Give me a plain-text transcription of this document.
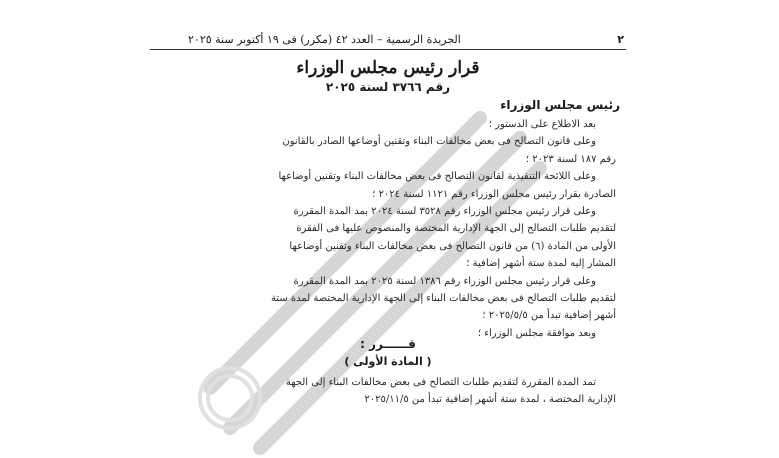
٢
الجريدة الرسمية – العدد ٤٢ (مكرر) فى ١٩ أكتوبر سنة ٢٠٢٥
قرار رئيس مجلس الوزراء
رقم ٣٧٦٦ لسنة ٢٠٢٥
رئيس مجلس الوزراء

بعد الاطلاع على الدستور ؛

وعلى قانون التصالح فى بعض مخالفات البناء وتقنين أوضاعها الصادر بالقانون

رقم ١٨٧ لسنة ٢٠٢٣ ؛

وعلى اللائحة التنفيذية لقانون التصالح فى بعض مخالفات البناء وتقنين أوضاعها

الصادرة بقرار رئيس مجلس الوزراء رقم ١١٢١ لسنة ٢٠٢٤ ؛

وعلى قرار رئيس مجلس الوزراء رقم ٣٥٢٨ لسنة ٢٠٢٤ بمد المدة المقررة

لتقديم طلبات التصالح إلى الجهة الإدارية المختصة والمنصوص عليها فى الفقرة

الأولى من المادة (٦) من قانون التصالح فى بعض مخالفات البناء وتقنين أوضاعها

المشار إليه لمدة ستة أشهر إضافية ؛

وعلى قرار رئيس مجلس الوزراء رقم ١٣٨٦ لسنة ٢٠٢٥ بمد المدة المقررة

لتقديم طلبات التصالح فى بعض مخالفات البناء إلى الجهة الإدارية المختصة لمدة ستة

أشهر إضافية تبدأ من ٢٠٢٥/٥/٥ ؛

وبعد موافقة مجلس الوزراء ؛

قــــــرر :
( المادة الأولى )

تمد المدة المقررة لتقديم طلبات التصالح فى بعض مخالفات البناء إلى الجهة

الإدارية المختصة ، لمدة ستة أشهر إضافية تبدأ من ٢٠٢٥/١١/٥
